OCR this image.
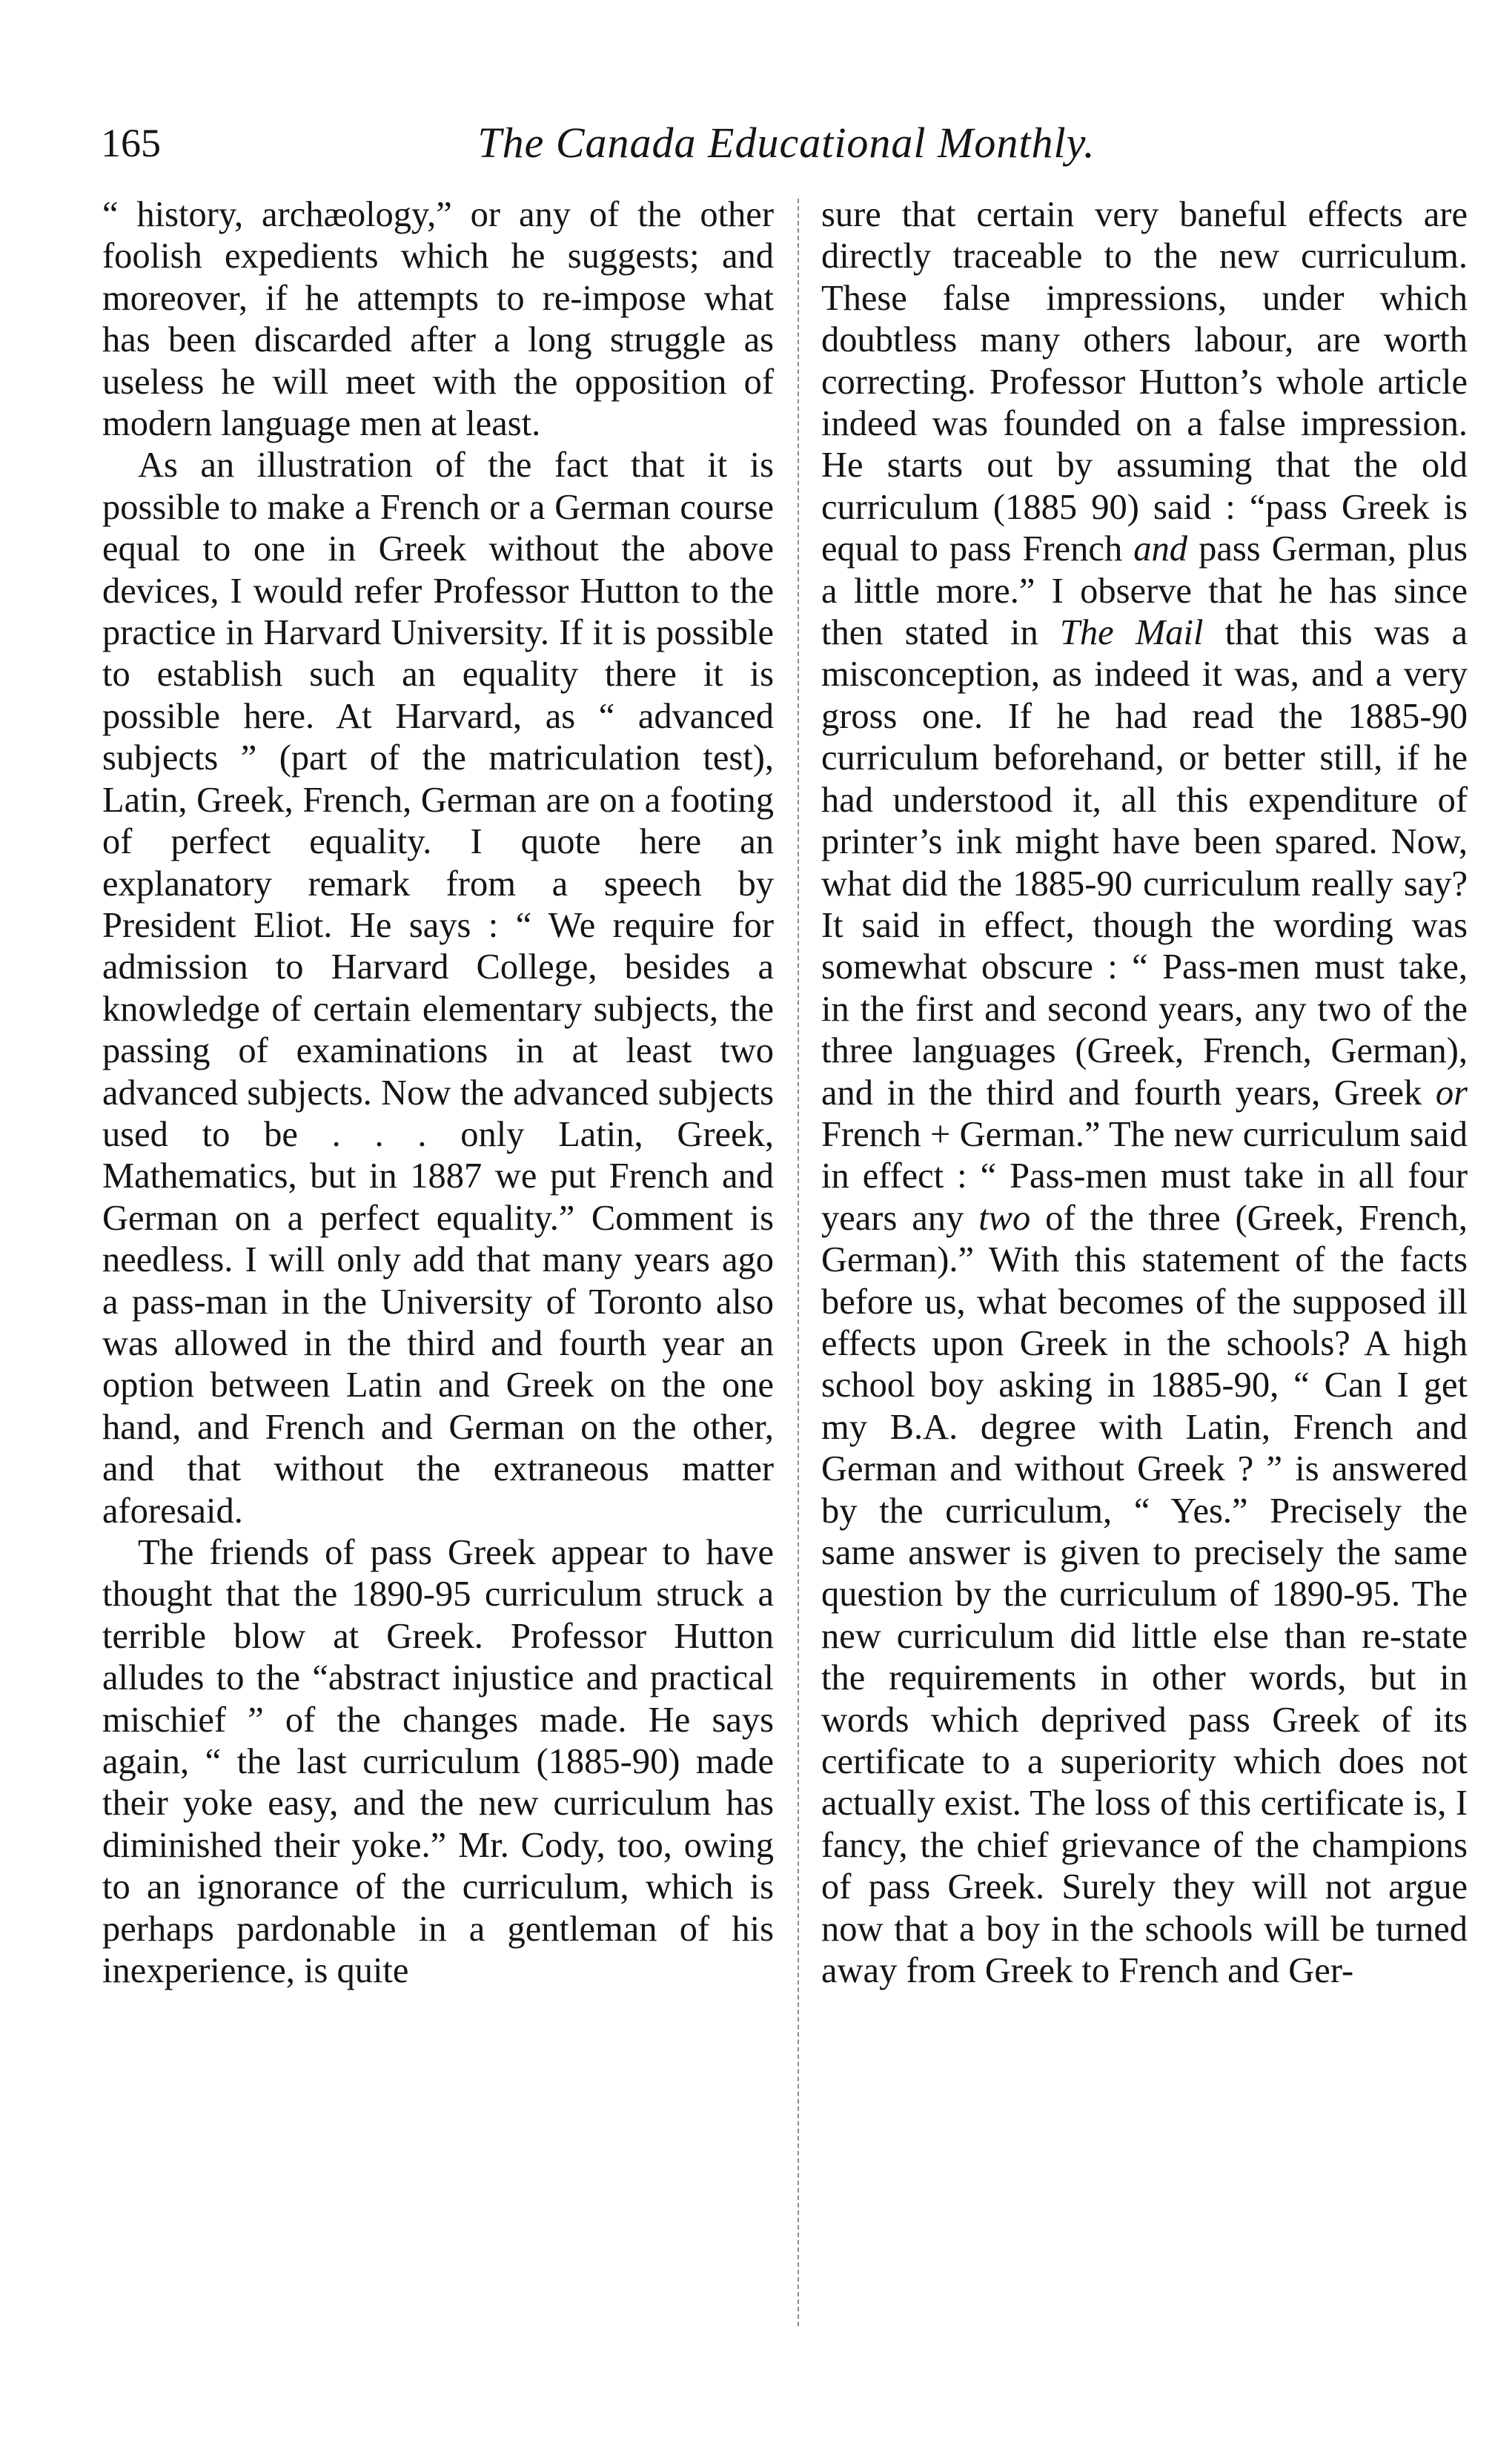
165	The Canada Educational Monthly.

“ history, archæology,” or any of the other foolish expedients which he suggests; and moreover, if he attempts to re-impose what has been discarded after a long struggle as useless he will meet with the opposition of modern language men at least.

As an illustration of the fact that it is possible to make a French or a German course equal to one in Greek without the above devices, I would refer Professor Hutton to the practice in Harvard University. If it is possible to establish such an equality there it is possible here. At Harvard, as “ advanced subjects ” (part of the matriculation test), Latin, Greek, French, German are on a footing of perfect equality. I quote here an explanatory remark from a speech by President Eliot. He says : “ We require for admission to Harvard College, besides a knowledge of certain elementary subjects, the passing of examinations in at least two advanced subjects. Now the advanced subjects used to be . . . only Latin, Greek, Mathematics, but in 1887 we put French and German on a perfect equality.” Comment is needless. I will only add that many years ago a pass-man in the University of Toronto also was allowed in the third and fourth year an option between Latin and Greek on the one hand, and French and German on the other, and that without the extraneous matter aforesaid.

The friends of pass Greek appear to have thought that the 1890-95 curriculum struck a terrible blow at Greek. Professor Hutton alludes to the “abstract injustice and practical mischief ” of the changes made. He says again, “ the last curriculum (1885-90) made their yoke easy, and the new curriculum has diminished their yoke.” Mr. Cody, too, owing to an ignorance of the curriculum, which is perhaps pardonable in a gentleman of his inexperience, is quite

sure that certain very baneful effects are directly traceable to the new curriculum. These false impressions, under which doubtless many others labour, are worth correcting. Professor Hutton’s whole article indeed was founded on a false impression. He starts out by assuming that the old curriculum (1885 90) said : “pass Greek is equal to pass French and pass German, plus a little more.” I observe that he has since then stated in The Mail that this was a misconception, as indeed it was, and a very gross one. If he had read the 1885-90 curriculum beforehand, or better still, if he had understood it, all this expenditure of printer’s ink might have been spared. Now, what did the 1885-90 curriculum really say? It said in effect, though the wording was somewhat obscure : “ Pass-men must take, in the first and second years, any two of the three languages (Greek, French, German), and in the third and fourth years, Greek or French + German.” The new curriculum said in effect : “ Pass-men must take in all four years any two of the three (Greek, French, German).” With this statement of the facts before us, what becomes of the supposed ill effects upon Greek in the schools? A high school boy asking in 1885-90, “ Can I get my B.A. degree with Latin, French and German and without Greek ? ” is answered by the curriculum, “ Yes.” Precisely the same answer is given to precisely the same question by the curriculum of 1890-95. The new curriculum did little else than re-state the requirements in other words, but in words which deprived pass Greek of its certificate to a superiority which does not actually exist. The loss of this certificate is, I fancy, the chief grievance of the champions of pass Greek. Surely they will not argue now that a boy in the schools will be turned away from Greek to French and Ger-
